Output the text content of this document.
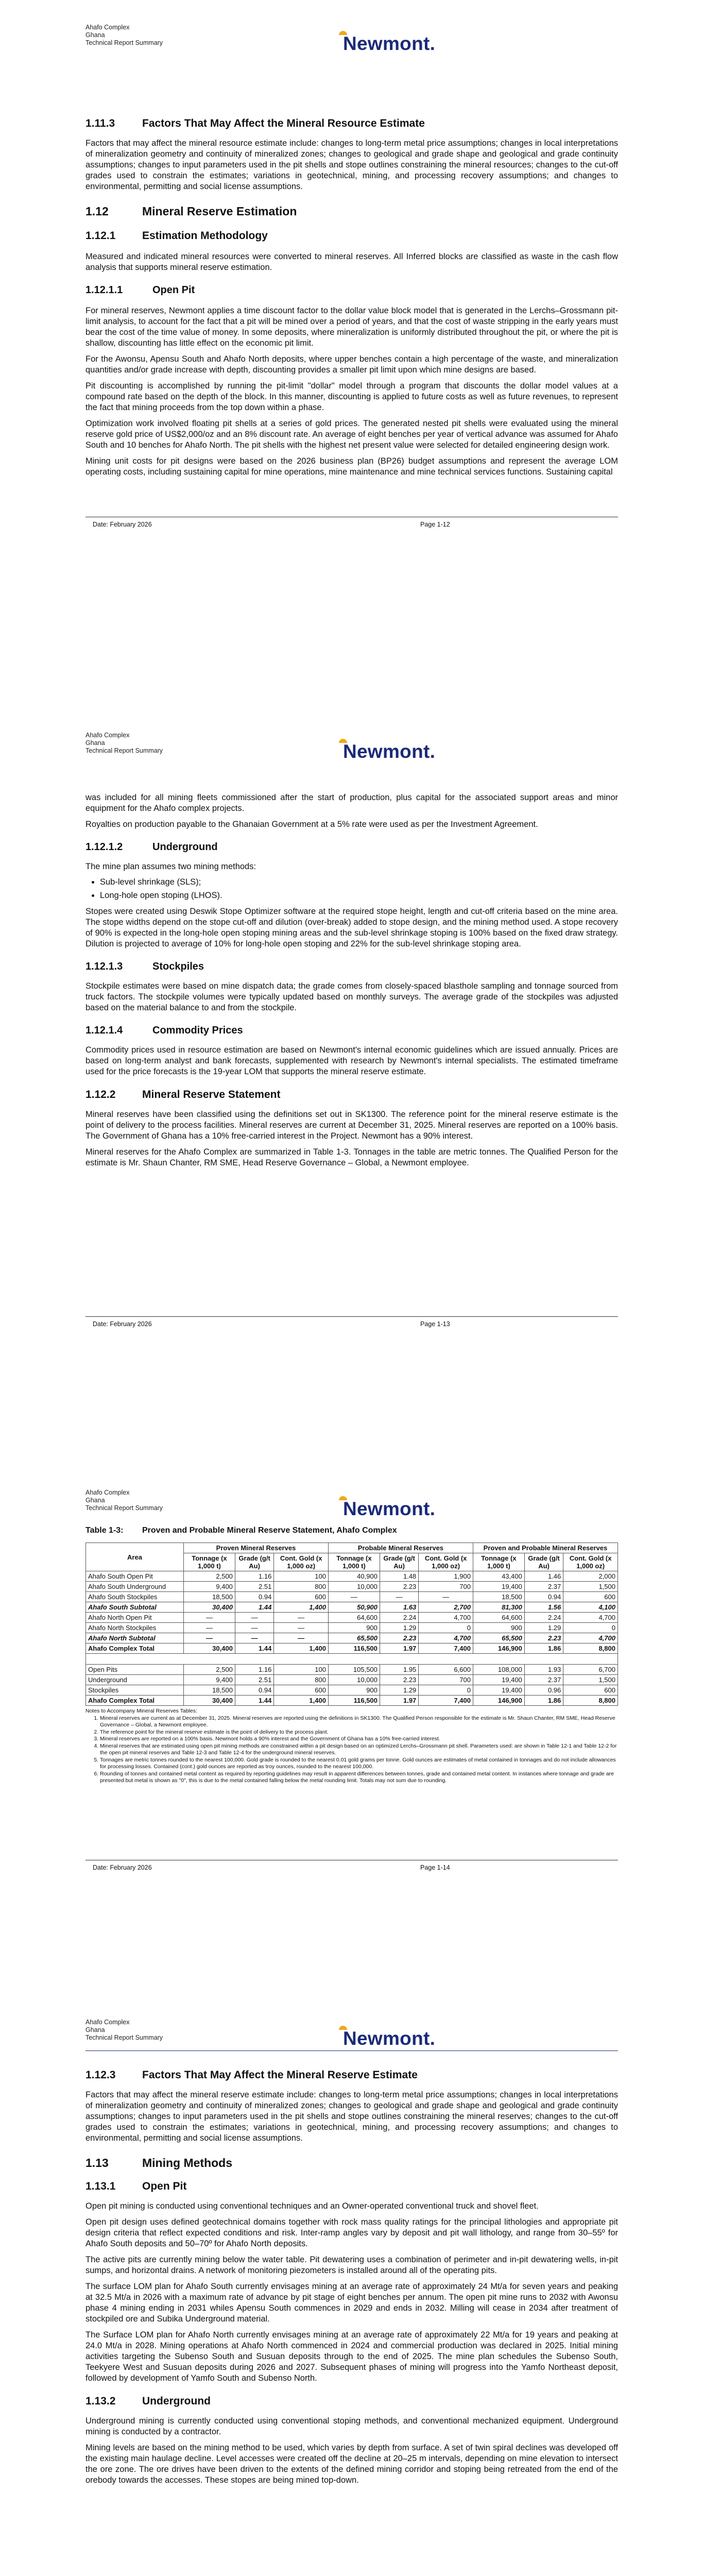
Ahafo Complex
Ghana
Technical Report Summary	Newmont.
1.11.3	Factors That May Affect the Mineral Resource Estimate

Factors that may affect the mineral resource estimate include: changes to long-term metal price assumptions; changes in local interpretations of mineralization geometry and continuity of mineralized zones; changes to geological and grade shape and geological and grade continuity assumptions; changes to input parameters used in the pit shells and stope outlines constraining the mineral resources; changes to the cut-off grades used to constrain the estimates; variations in geotechnical, mining, and processing recovery assumptions; and changes to environmental, permitting and social license assumptions.

1.12	Mineral Reserve Estimation
1.12.1 Estimation Methodology

Measured and indicated mineral resources were converted to mineral reserves. All Inferred blocks are classified as waste in the cash flow analysis that supports mineral reserve estimation.

1.12.1.1	Open Pit

For mineral reserves, Newmont applies a time discount factor to the dollar value block model that is generated in the Lerchs–Grossmann pit-limit analysis, to account for the fact that a pit will be mined over a period of years, and that the cost of waste stripping in the early years must bear the cost of the time value of money. In some deposits, where mineralization is uniformly distributed throughout the pit, or where the pit is shallow, discounting has little effect on the economic pit limit.

For the Awonsu, Apensu South and Ahafo North deposits, where upper benches contain a high percentage of the waste, and mineralization quantities and/or grade increase with depth, discounting provides a smaller pit limit upon which mine designs are based.

Pit discounting is accomplished by running the pit-limit "dollar" model through a program that discounts the dollar model values at a compound rate based on the depth of the block. In this manner, discounting is applied to future costs as well as future revenues, to represent the fact that mining proceeds from the top down within a phase.

Optimization work involved floating pit shells at a series of gold prices. The generated nested pit shells were evaluated using the mineral reserve gold price of US$2,000/oz and an 8% discount rate. An average of eight benches per year of vertical advance was assumed for Ahafo South and 10 benches for Ahafo North. The pit shells with the highest net present value were selected for detailed engineering design work.

Mining unit costs for pit designs were based on the 2026 business plan (BP26) budget assumptions and represent the average LOM operating costs, including sustaining capital for mine operations, mine maintenance and mine technical services functions. Sustaining capital

Date: February 2026	Page 1-12
Ahafo Complex
Ghana
Technical Report Summary	Newmont.

was included for all mining fleets commissioned after the start of production, plus capital for the associated support areas and minor equipment for the Ahafo complex projects.

Royalties on production payable to the Ghanaian Government at a 5% rate were used as per the Investment Agreement.

1.12.1.2	Underground

The mine plan assumes two mining methods:

• Sub-level shrinkage (SLS);
• Long-hole open stoping (LHOS).

Stopes were created using Deswik Stope Optimizer software at the required stope height, length and cut-off criteria based on the mine area. The stope widths depend on the stope cut-off and dilution (over-break) added to stope design, and the mining method used. A stope recovery of 90% is expected in the long-hole open stoping mining areas and the sub-level shrinkage stoping is 100% based on the fixed draw strategy. Dilution is projected to average of 10% for long-hole open stoping and 22% for the sub-level shrinkage stoping area.

1.12.1.3	Stockpiles

Stockpile estimates were based on mine dispatch data; the grade comes from closely-spaced blasthole sampling and tonnage sourced from truck factors. The stockpile volumes were typically updated based on monthly surveys. The average grade of the stockpiles was adjusted based on the material balance to and from the stockpile.

1.12.1.4	Commodity Prices

Commodity prices used in resource estimation are based on Newmont's internal economic guidelines which are issued annually. Prices are based on long-term analyst and bank forecasts, supplemented with research by Newmont's internal specialists. The estimated timeframe used for the price forecasts is the 19-year LOM that supports the mineral reserve estimate.

1.12.2 Mineral Reserve Statement

Mineral reserves have been classified using the definitions set out in SK1300. The reference point for the mineral reserve estimate is the point of delivery to the process facilities. Mineral reserves are current at December 31, 2025. Mineral reserves are reported on a 100% basis. The Government of Ghana has a 10% free-carried interest in the Project. Newmont has a 90% interest.

Mineral reserves for the Ahafo Complex are summarized in Table 1-3. Tonnages in the table are metric tonnes. The Qualified Person for the estimate is Mr. Shaun Chanter, RM SME, Head Reserve Governance – Global, a Newmont employee.

Date: February 2026	Page 1-13
Ahafo Complex
Ghana
Technical Report Summary	Newmont.
Table 1-3: Proven and Probable Mineral Reserve Statement, Ahafo Complex
Area	Proven Mineral Reserves			Probable Mineral Reserves			Proven and Probable Mineral Reserves		
	Tonnage (x 1,000 t)	Grade (g/t Au)	Cont. Gold (x 1,000 oz)	Tonnage (x 1,000 t)	Grade (g/t Au)	Cont. Gold (x 1,000 oz)	Tonnage (x 1,000 t)	Grade (g/t Au)	Cont. Gold (x 1,000 oz)
Ahafo South Open Pit	2,500	1.16	100	40,900	1.48	1,900	43,400	1.46	2,000
Ahafo South Underground	9,400	2.51	800	10,000	2.23	700	19,400	2.37	1,500
Ahafo South Stockpiles	18,500	0.94	600	—	—	—	18,500	0.94	600
Ahafo South Subtotal	30,400	1.44	1,400	50,900	1.63	2,700	81,300	1.56	4,100
Ahafo North Open Pit	—	—	—	64,600	2.24	4,700	64,600	2.24	4,700
Ahafo North Stockpiles	—	—	—	900	1.29	0	900	1.29	0
Ahafo North Subtotal	—	—	—	65,500	2.23	4,700	65,500	2.23	4,700
Ahafo Complex Total	30,400	1.44	1,400	116,500	1.97	7,400	146,900	1.86	8,800

Open Pits	2,500	1.16	100	105,500	1.95	6,600	108,000	1.93	6,700
Underground	9,400	2.51	800	10,000	2.23	700	19,400	2.37	1,500
Stockpiles	18,500	0.94	600	900	1.29	0	19,400	0.96	600
Ahafo Complex Total	30,400	1.44	1,400	116,500	1.97	7,400	146,900	1.86	8,800
Notes to Accompany Mineral Reserves Tables:
1. Mineral reserves are current as at December 31, 2025. Mineral reserves are reported using the definitions in SK1300. The Qualified Person responsible for the estimate is Mr. Shaun Chanter, RM SME, Head Reserve Governance – Global, a Newmont employee.
2. The reference point for the mineral reserve estimate is the point of delivery to the process plant.
3. Mineral reserves are reported on a 100% basis. Newmont holds a 90% interest and the Government of Ghana has a 10% free-carried interest.
4. Mineral reserves that are estimated using open pit mining methods are constrained within a pit design based on an optimized Lerchs–Grossmann pit shell. Parameters used: are shown in Table 12-1 and Table 12-2 for the open pit mineral reserves and Table 12-3 and Table 12-4 for the underground mineral reserves.
5. Tonnages are metric tonnes rounded to the nearest 100,000. Gold grade is rounded to the nearest 0.01 gold grams per tonne. Gold ounces are estimates of metal contained in tonnages and do not include allowances for processing losses. Contained (cont.) gold ounces are reported as troy ounces, rounded to the nearest 100,000.
6. Rounding of tonnes and contained metal content as required by reporting guidelines may result in apparent differences between tonnes, grade and contained metal content. In instances where tonnage and grade are presented but metal is shown as "0", this is due to the metal contained falling below the metal rounding limit. Totals may not sum due to rounding.
Date: February 2026	Page 1-14
Ahafo Complex
Ghana
Technical Report Summary	Newmont.
1.12.3 Factors That May Affect the Mineral Reserve Estimate

Factors that may affect the mineral reserve estimate include: changes to long-term metal price assumptions; changes in local interpretations of mineralization geometry and continuity of mineralized zones; changes to geological and grade shape and geological and grade continuity assumptions; changes to input parameters used in the pit shells and stope outlines constraining the mineral reserves; changes to the cut-off grades used to constrain the estimates; variations in geotechnical, mining, and processing recovery assumptions; and changes to environmental, permitting and social license assumptions.

1.13	Mining Methods
1.13.1 Open Pit

Open pit mining is conducted using conventional techniques and an Owner-operated conventional truck and shovel fleet.

Open pit design uses defined geotechnical domains together with rock mass quality ratings for the principal lithologies and appropriate pit design criteria that reflect expected conditions and risk. Inter-ramp angles vary by deposit and pit wall lithology, and range from 30–55º for Ahafo South deposits and 50–70º for Ahafo North deposits.

The active pits are currently mining below the water table. Pit dewatering uses a combination of perimeter and in-pit dewatering wells, in-pit sumps, and horizontal drains. A network of monitoring piezometers is installed around all of the operating pits.

The surface LOM plan for Ahafo South currently envisages mining at an average rate of approximately 24 Mt/a for seven years and peaking at 32.5 Mt/a in 2026 with a maximum rate of advance by pit stage of eight benches per annum. The open pit mine runs to 2032 with Awonsu phase 4 mining ending in 2031 whiles Apensu South commences in 2029 and ends in 2032. Milling will cease in 2034 after treatment of stockpiled ore and Subika Underground material.

The Surface LOM plan for Ahafo North currently envisages mining at an average rate of approximately 22 Mt/a for 19 years and peaking at 24.0 Mt/a in 2028. Mining operations at Ahafo North commenced in 2024 and commercial production was declared in 2025. Initial mining activities targeting the Subenso South and Susuan deposits through to the end of 2025. The mine plan schedules the Subenso South, Teekyere West and Susuan deposits during 2026 and 2027. Subsequent phases of mining will progress into the Yamfo Northeast deposit, followed by development of Yamfo South and Subenso North.

1.13.2 Underground

Underground mining is currently conducted using conventional stoping methods, and conventional mechanized equipment. Underground mining is conducted by a contractor.

Mining levels are based on the mining method to be used, which varies by depth from surface. A set of twin spiral declines was developed off the existing main haulage decline. Level accesses were created off the decline at 20–25 m intervals, depending on mine elevation to intersect the ore zone. The ore drives have been driven to the extents of the defined mining corridor and stoping being retreated from the end of the orebody towards the accesses. These stopes are being mined top-down.
